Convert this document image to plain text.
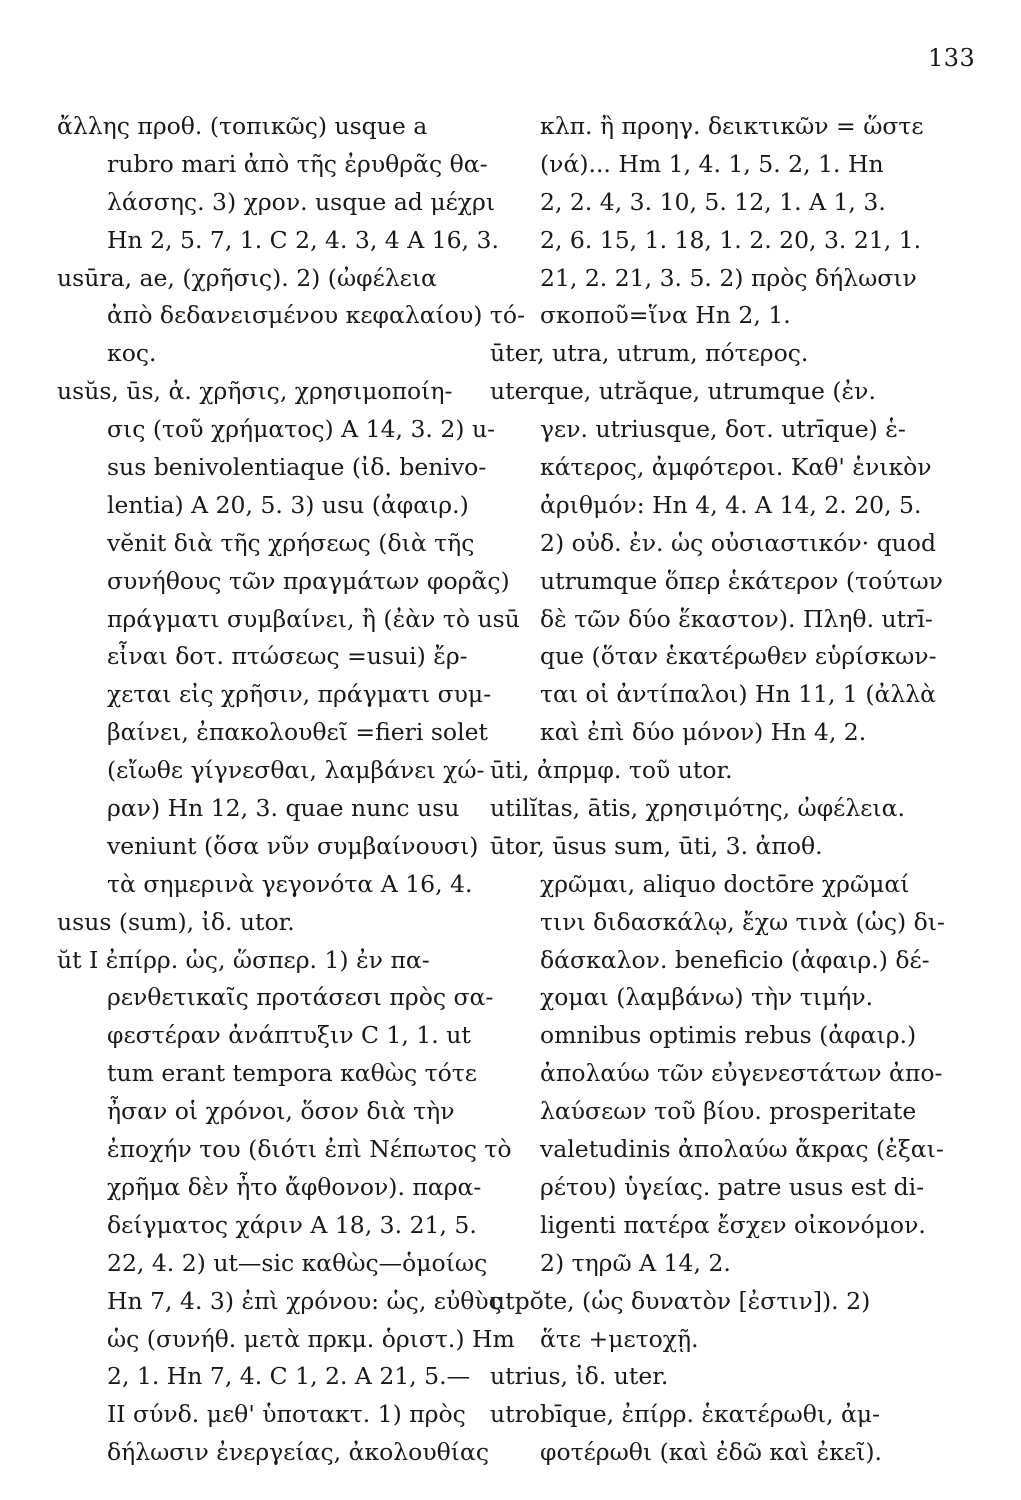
133
ἄλλης προθ. (τοπικῶς) usque a
rubro mari ἀπὸ τῆς ἐρυθρᾶς θα-
λάσσης. 3) χρον. usque ad μέχρι
Hn 2, 5. 7, 1. C 2, 4. 3, 4 A 16, 3.
usūra, ae, (χρῆσις). 2) (ὠφέλεια
ἀπὸ δεδανεισμένου κεφαλαίου) τό-
κος.
usŭs, ūs, ἀ. χρῆσις, χρησιμοποίη-
σις (τοῦ χρήματος) A 14, 3. 2) u-
sus benivolentiaque (ἰδ. benivo-
lentia) A 20, 5. 3) usu (ἀφαιρ.)
vĕnit διὰ τῆς χρήσεως (διὰ τῆς
συνήθους τῶν πραγμάτων φορᾶς)
πράγματι συμβαίνει, ἢ (ἐὰν τὸ usū
εἶναι δοτ. πτώσεως =usui) ἔρ-
χεται εἰς χρῆσιν, πράγματι συμ-
βαίνει, ἐπακολουθεῖ =fieri solet
(εἴωθε γίγνεσθαι, λαμβάνει χώ-
ραν) Hn 12, 3. quae nunc usu
veniunt (ὅσα νῦν συμβαίνουσι)
τὰ σημερινὰ γεγονότα A 16, 4.
usus (sum), ἰδ. utor.
ŭt I ἐπίρρ. ὡς, ὥσπερ. 1) ἐν πα-
ρενθετικαῖς προτάσεσι πρὸς σα-
φεστέραν ἀνάπτυξιν C 1, 1. ut
tum erant tempora καθὼς τότε
ἦσαν οἱ χρόνοι, ὅσον διὰ τὴν
ἐποχήν του (διότι ἐπὶ Νέπωτος τὸ
χρῆμα δὲν ἦτο ἄφθονον). παρα-
δείγματος χάριν A 18, 3. 21, 5.
22, 4. 2) ut—sic καθὼς—ὁμοίως
Hn 7, 4. 3) ἐπὶ χρόνου: ὡς, εὐθὺς
ὡς (συνήθ. μετὰ πρκμ. ὁριστ.) Hm
2, 1. Hn 7, 4. C 1, 2. A 21, 5.—
II σύνδ. μεθ' ὑποτακτ. 1) πρὸς
δήλωσιν ἐνεργείας, ἀκολουθίας
κλπ. ἢ προηγ. δεικτικῶν = ὥστε
(νά)... Hm 1, 4. 1, 5. 2, 1. Hn
2, 2. 4, 3. 10, 5. 12, 1. A 1, 3.
2, 6. 15, 1. 18, 1. 2. 20, 3. 21, 1.
21, 2. 21, 3. 5. 2) πρὸς δήλωσιν
σκοποῦ=ἵνα Hn 2, 1.
ūter, utra, utrum, πότερος.
uterque, utrăque, utrumque (ἐν.
γεν. utriusque, δοτ. utrīque) ἑ-
κάτερος, ἀμφότεροι. Καθ' ἑνικὸν
ἀριθμόν: Hn 4, 4. A 14, 2. 20, 5.
2) οὐδ. ἐν. ὡς οὐσιαστικόν· quod
utrumque ὅπερ ἑκάτερον (τούτων
δὲ τῶν δύο ἕκαστον). Πληθ. utrī-
que (ὅταν ἑκατέρωθεν εὑρίσκων-
ται οἱ ἀντίπαλοι) Hn 11, 1 (ἀλλὰ
καὶ ἐπὶ δύο μόνον) Hn 4, 2.
ūti, ἀπρμφ. τοῦ utor.
utilĭtas, ātis, χρησιμότης, ὠφέλεια.
ūtor, ūsus sum, ūti, 3. ἀποθ.
χρῶμαι, aliquo doctōre χρῶμαί
τινι διδασκάλῳ, ἔχω τινὰ (ὡς) δι-
δάσκαλον. beneficio (ἀφαιρ.) δέ-
χομαι (λαμβάνω) τὴν τιμήν.
omnibus optimis rebus (ἀφαιρ.)
ἀπολαύω τῶν εὐγενεστάτων ἀπο-
λαύσεων τοῦ βίου. prosperitate
valetudinis ἀπολαύω ἄκρας (ἐξαι-
ρέτου) ὑγείας. patre usus est di-
ligenti πατέρα ἔσχεν οἰκονόμον.
2) τηρῶ A 14, 2.
utpŏte, (ὡς δυνατὸν [ἐστιν]). 2)
ἅτε +μετοχῇ.
utrius, ἰδ. uter.
utrobīque, ἐπίρρ. ἑκατέρωθι, ἀμ-
φοτέρωθι (καὶ ἐδῶ καὶ ἐκεῖ).
